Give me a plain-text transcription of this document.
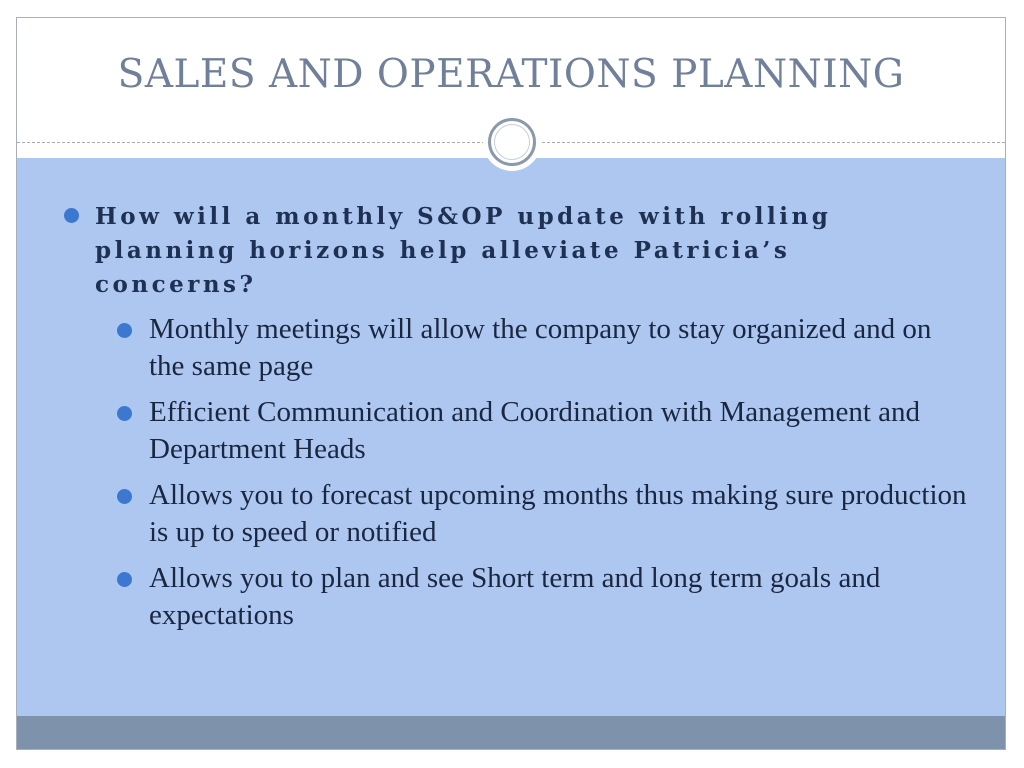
SALES AND OPERATIONS PLANNING
How will a monthly S&OP update with rolling planning horizons help alleviate Patricia’s concerns?
Monthly meetings will allow the company to stay organized and on the same page
Efficient Communication and Coordination with Management and Department Heads
Allows you to forecast upcoming months thus making sure production is up to speed or notified
Allows you to plan and see Short term and long term goals and expectations
